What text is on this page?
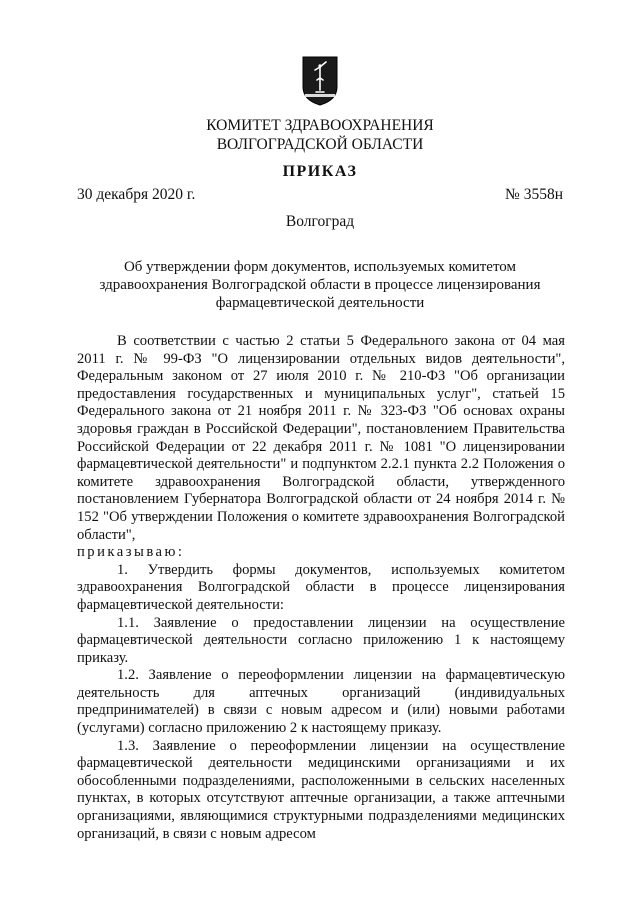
КОМИТЕТ ЗДРАВООХРАНЕНИЯ
ВОЛГОГРАДСКОЙ ОБЛАСТИ
ПРИКАЗ
30 декабря 2020 г.	№ 3558н
Волгоград
Об утверждении форм документов, используемых комитетом
здравоохранения Волгоградской области в процессе лицензирования
фармацевтической деятельности

В соответствии с частью 2 статьи 5 Федерального закона от 04 мая 2011 г. № 99-ФЗ "О лицензировании отдельных видов деятельности", Федеральным законом от 27 июля 2010 г. № 210-ФЗ "Об организации предоставления государственных и муниципальных услуг", статьей 15 Федерального закона от 21 ноября 2011 г. № 323-ФЗ "Об основах охраны здоровья граждан в Российской Федерации", постановлением Правительства Российской Федерации от 22 декабря 2011 г. № 1081 "О лицензировании фармацевтической деятельности" и подпунктом 2.2.1 пункта 2.2 Положения о комитете здравоохранения Волгоградской области, утвержденного постановлением Губернатора Волгоградской области от 24 ноября 2014 г. № 152 "Об утверждении Положения о комитете здравоохранения Волгоградской области",

приказываю:

1. Утвердить формы документов, используемых комитетом здравоохранения Волгоградской области в процессе лицензирования фармацевтической деятельности:

1.1. Заявление о предоставлении лицензии на осуществление фармацевтической деятельности согласно приложению 1 к настоящему приказу.

1.2. Заявление о переоформлении лицензии на фармацевтическую деятельность для аптечных организаций (индивидуальных предпринимателей) в связи с новым адресом и (или) новыми работами (услугами) согласно приложению 2 к настоящему приказу.

1.3. Заявление о переоформлении лицензии на осуществление фармацевтической деятельности медицинскими организациями и их обособленными подразделениями, расположенными в сельских населенных пунктах, в которых отсутствуют аптечные организации, а также аптечными организациями, являющимися структурными подразделениями медицинских организаций, в связи с новым адресом
